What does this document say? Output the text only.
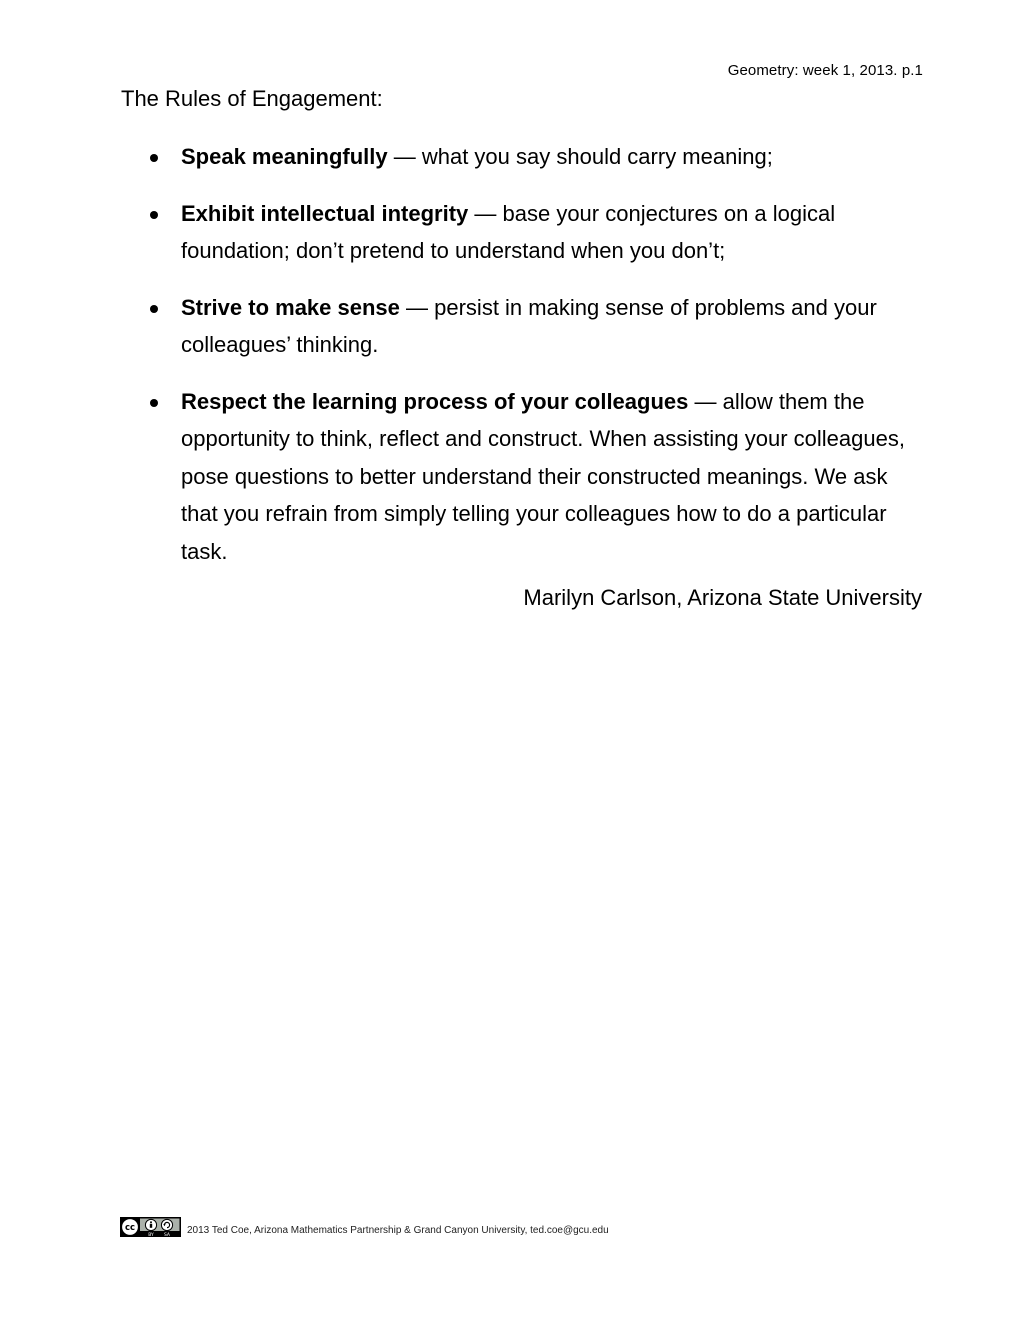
Geometry: week 1, 2013. p.1
The Rules of Engagement:
Speak meaningfully — what you say should carry meaning;
Exhibit intellectual integrity — base your conjectures on a logical foundation; don’t pretend to understand when you don’t;
Strive to make sense — persist in making sense of problems and your colleagues’ thinking.
Respect the learning process of your colleagues — allow them the opportunity to think, reflect and construct. When assisting your colleagues, pose questions to better understand their constructed meanings. We ask that you refrain from simply telling your colleagues how to do a particular task.
Marilyn Carlson, Arizona State University
cc
BY SA 2013 Ted Coe, Arizona Mathematics Partnership & Grand Canyon University, ted.coe@gcu.edu
